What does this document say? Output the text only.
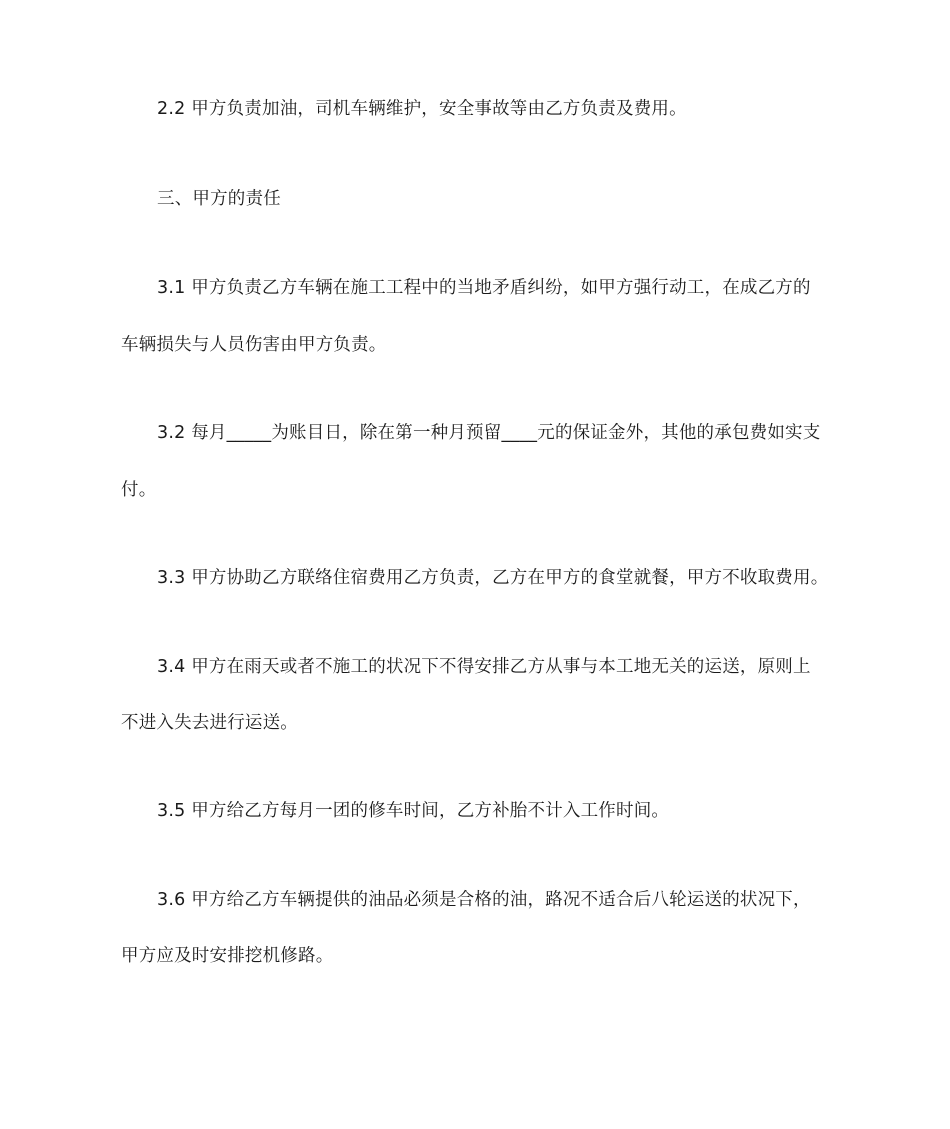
2.2 甲方负责加油，司机车辆维护，安全事故等由乙方负责及费用。
三、甲方的责任
3.1 甲方负责乙方车辆在施工工程中的当地矛盾纠纷，如甲方强行动工，在成乙方的
车辆损失与人员伤害由甲方负责。
3.2 每月_____为账目日，除在第一种月预留____元的保证金外，其他的承包费如实支
付。
3.3 甲方协助乙方联络住宿费用乙方负责，乙方在甲方的食堂就餐，甲方不收取费用。
3.4 甲方在雨天或者不施工的状况下不得安排乙方从事与本工地无关的运送，原则上
不进入失去进行运送。
3.5 甲方给乙方每月一团的修车时间，乙方补胎不计入工作时间。
3.6 甲方给乙方车辆提供的油品必须是合格的油，路况不适合后八轮运送的状况下，
甲方应及时安排挖机修路。
